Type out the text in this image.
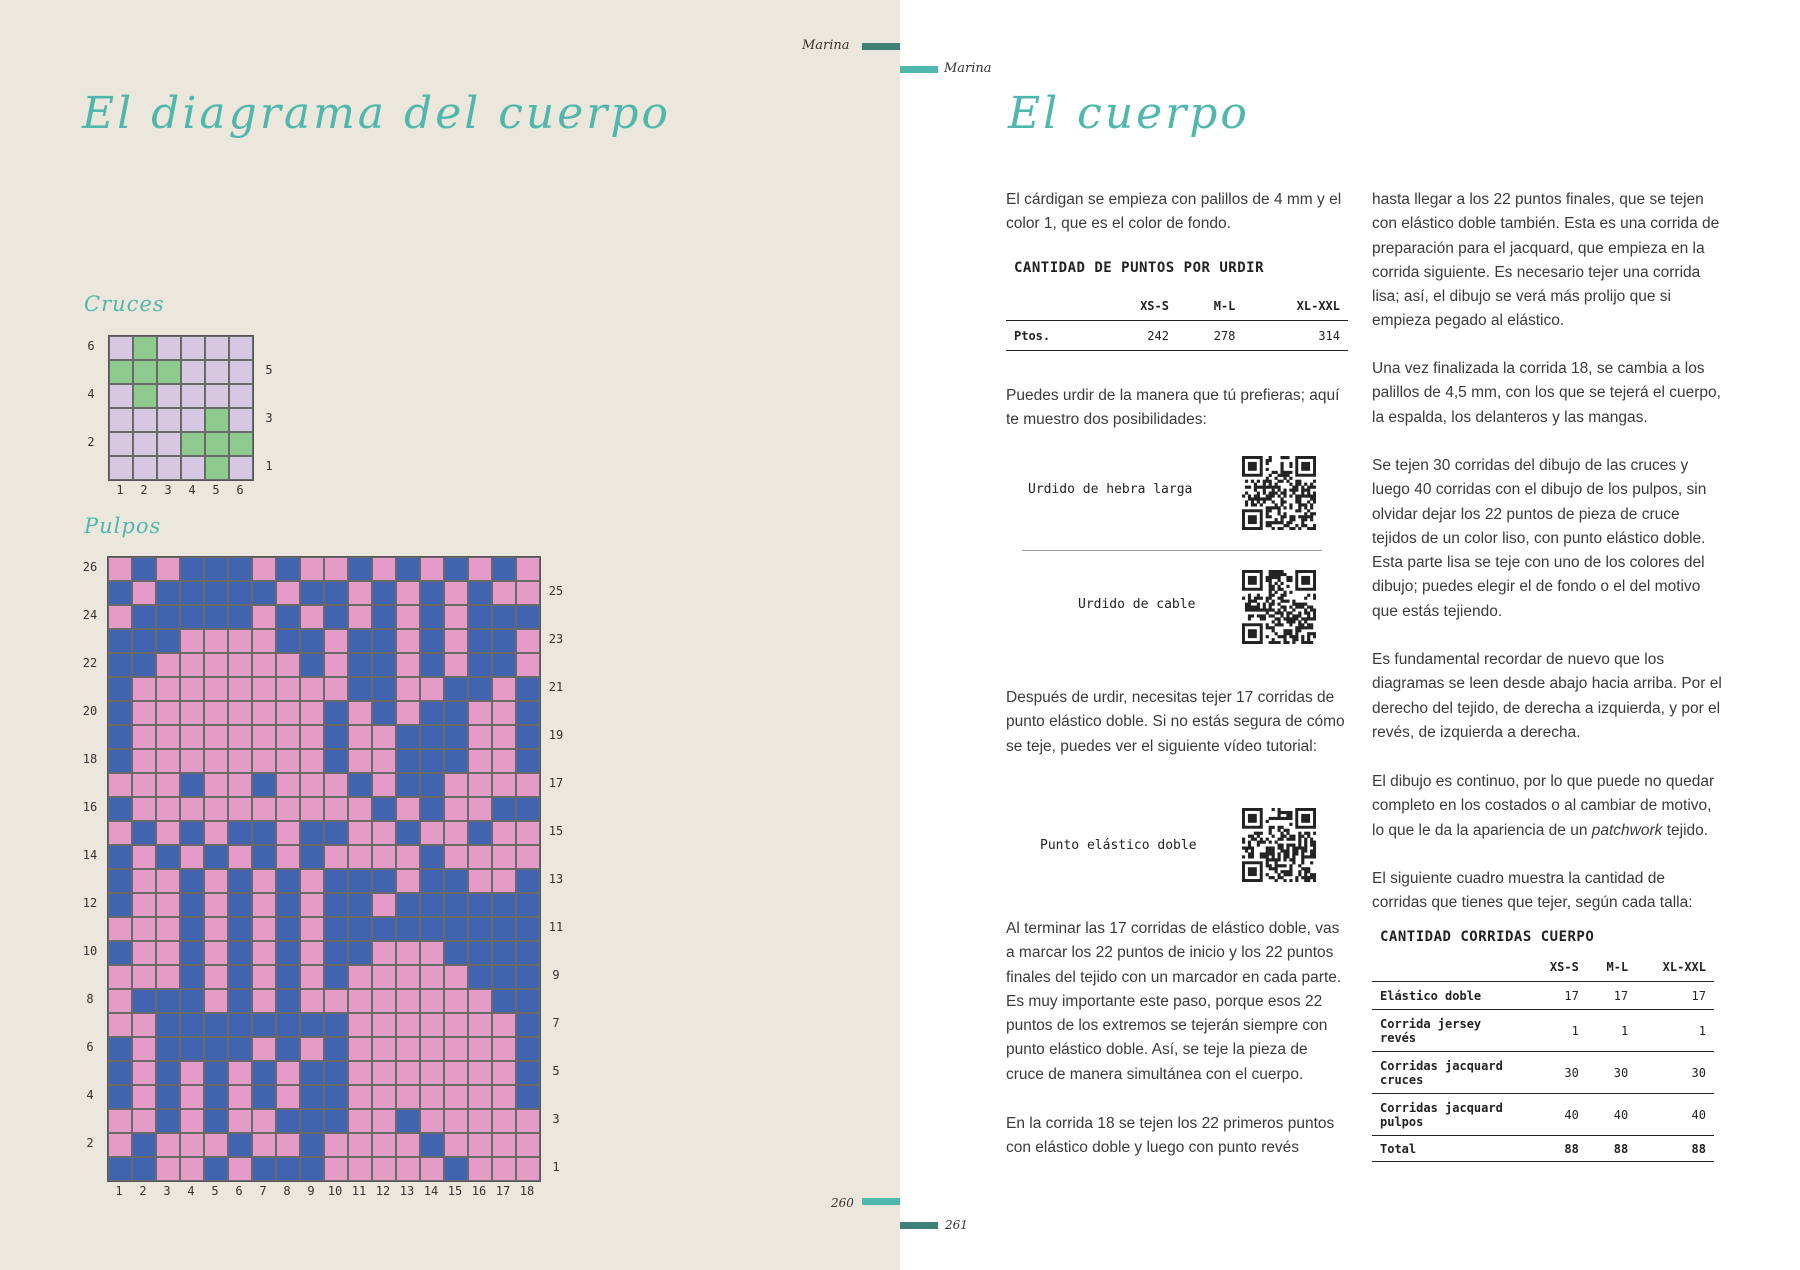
Marina
El diagrama del cuerpo
Cruces
Pulpos
260
6
4
2
5
3
1
1	2	3	4	5	6
26
24
22
20
18
16
14
12
10
8
6
4
2
25
23
21
19
17
15
13
11
9
7
5
3
1
1	2	3	4	5	6	7	8	9	10 11 12 13 14 15 16 17 18
Marina
El cuerpo

El cárdigan se empieza con palillos de 4 mm y el color 1, que es el color de fondo.

CANTIDAD DE PUNTOS POR URDIR
	XS-S	M-L	XL-XXL
Ptos.	242	278	314

Puedes urdir de la manera que tú prefieras; aquí te muestro dos posibilidades:

Urdido de hebra larga
Urdido de cable

Después de urdir, necesitas tejer 17 corridas de punto elástico doble. Si no estás segura de cómo se teje, puedes ver el siguiente vídeo tutorial:

Punto elástico doble

Al terminar las 17 corridas de elástico doble, vas a marcar los 22 puntos de inicio y los 22 puntos finales del tejido con un marcador en cada parte. Es muy importante este paso, porque esos 22 puntos de los extremos se tejerán siempre con punto elástico doble. Así, se teje la pieza de cruce de manera simultánea con el cuerpo.

En la corrida 18 se tejen los 22 primeros puntos con elástico doble y luego con punto revés

hasta llegar a los 22 puntos finales, que se tejen con elástico doble también. Esta es una corrida de preparación para el jacquard, que empieza en la corrida siguiente. Es necesario tejer una corrida lisa; así, el dibujo se verá más prolijo que si empieza pegado al elástico.

Una vez finalizada la corrida 18, se cambia a los palillos de 4,5 mm, con los que se tejerá el cuerpo, la espalda, los delanteros y las mangas.

Se tejen 30 corridas del dibujo de las cruces y luego 40 corridas con el dibujo de los pulpos, sin olvidar dejar los 22 puntos de pieza de cruce tejidos de un color liso, con punto elástico doble. Esta parte lisa se teje con uno de los colores del dibujo; puedes elegir el de fondo o el del motivo que estás tejiendo.

Es fundamental recordar de nuevo que los diagramas se leen desde abajo hacia arriba. Por el derecho del tejido, de derecha a izquierda, y por el revés, de izquierda a derecha.

El dibujo es continuo, por lo que puede no quedar completo en los costados o al cambiar de motivo, lo que le da la apariencia de un patchwork tejido.

El siguiente cuadro muestra la cantidad de corridas que tienes que tejer, según cada talla:

CANTIDAD CORRIDAS CUERPO
	XS-S	M-L	XL-XXL
Elástico doble	17	17	17
Corrida jersey revés	1	1	1
Corridas jacquard cruces	30	30	30
Corridas jacquard pulpos	40	40	40
Total	88	88	88
261
